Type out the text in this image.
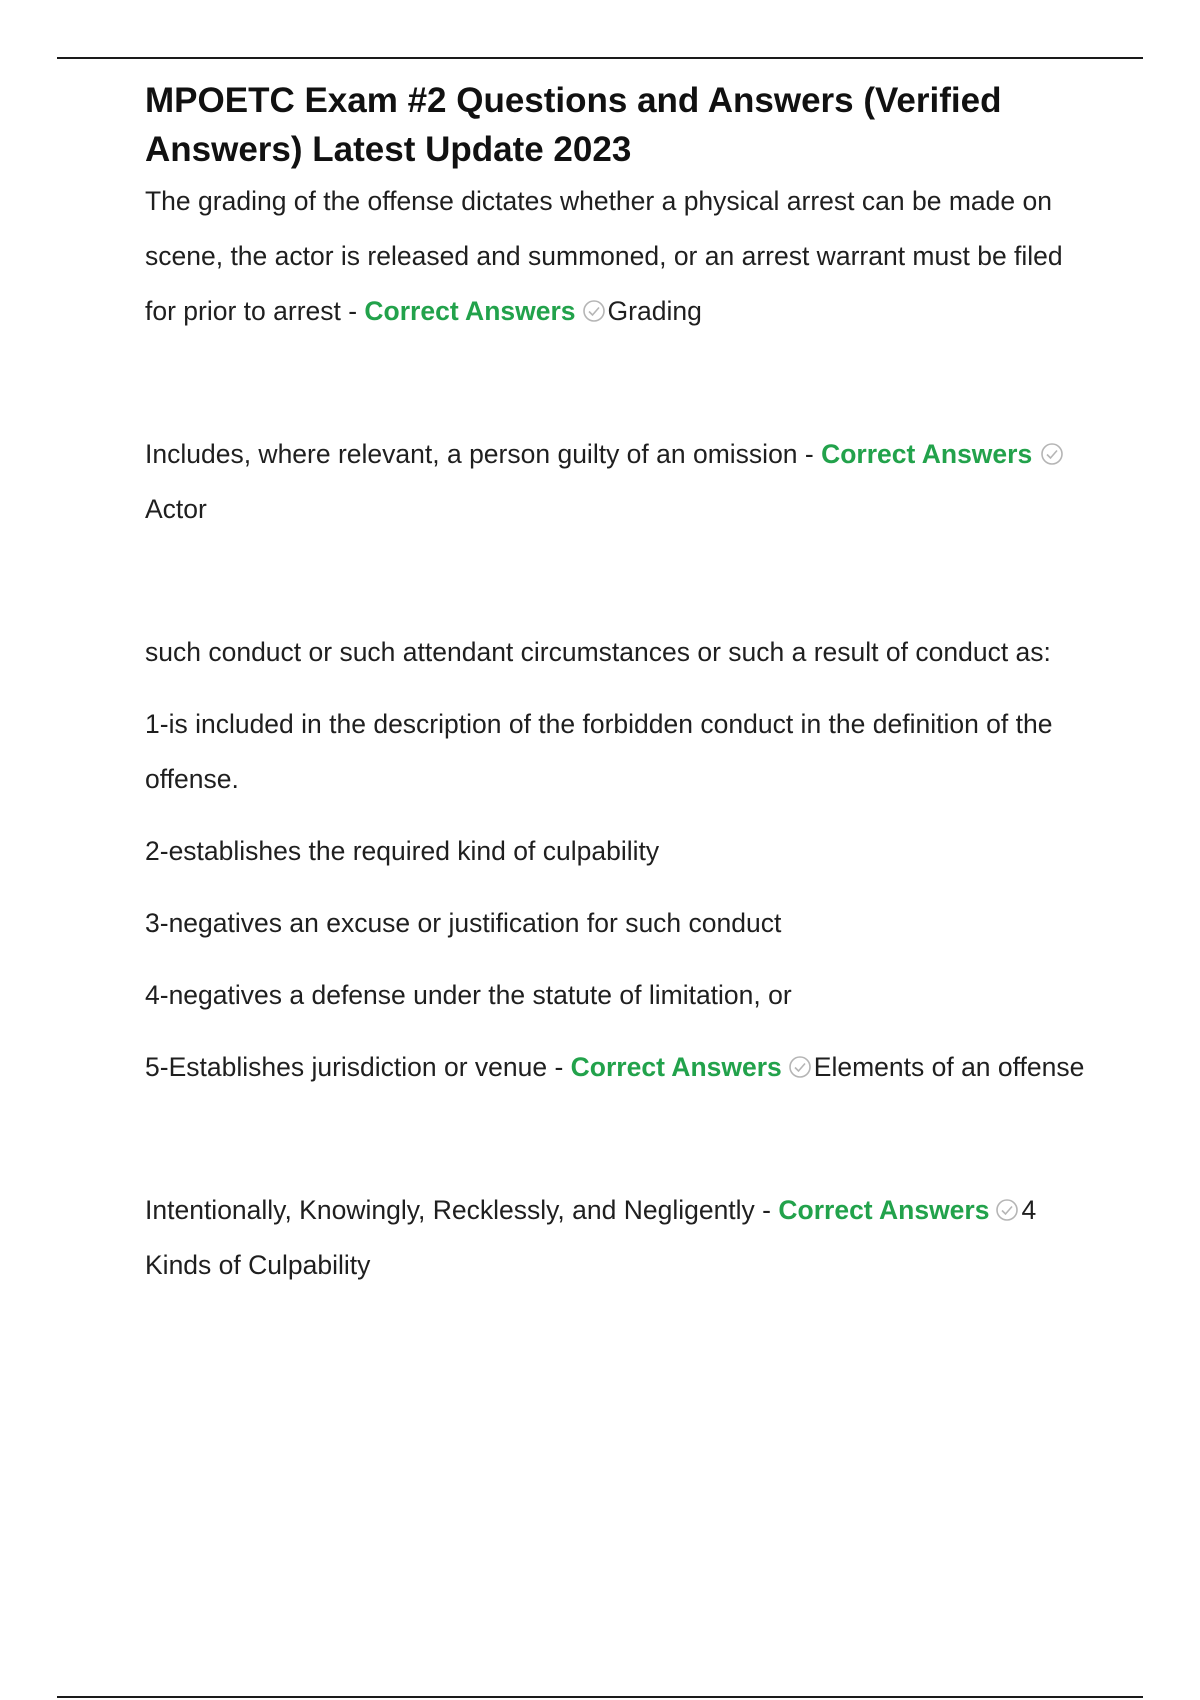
MPOETC Exam #2 Questions and Answers (Verified Answers) Latest Update 2023

The grading of the offense dictates whether a physical arrest can be made on scene, the actor is released and summoned, or an arrest warrant must be filed for prior to arrest - Correct Answers Grading

Includes, where relevant, a person guilty of an omission - Correct Answers
Actor

such conduct or such attendant circumstances or such a result of conduct as:

1-is included in the description of the forbidden conduct in the definition of the offense.

2-establishes the required kind of culpability

3-negatives an excuse or justification for such conduct

4-negatives a defense under the statute of limitation, or

5-Establishes jurisdiction or venue - Correct Answers Elements of an offense

Intentionally, Knowingly, Recklessly, and Negligently - Correct Answers 4 Kinds of Culpability
